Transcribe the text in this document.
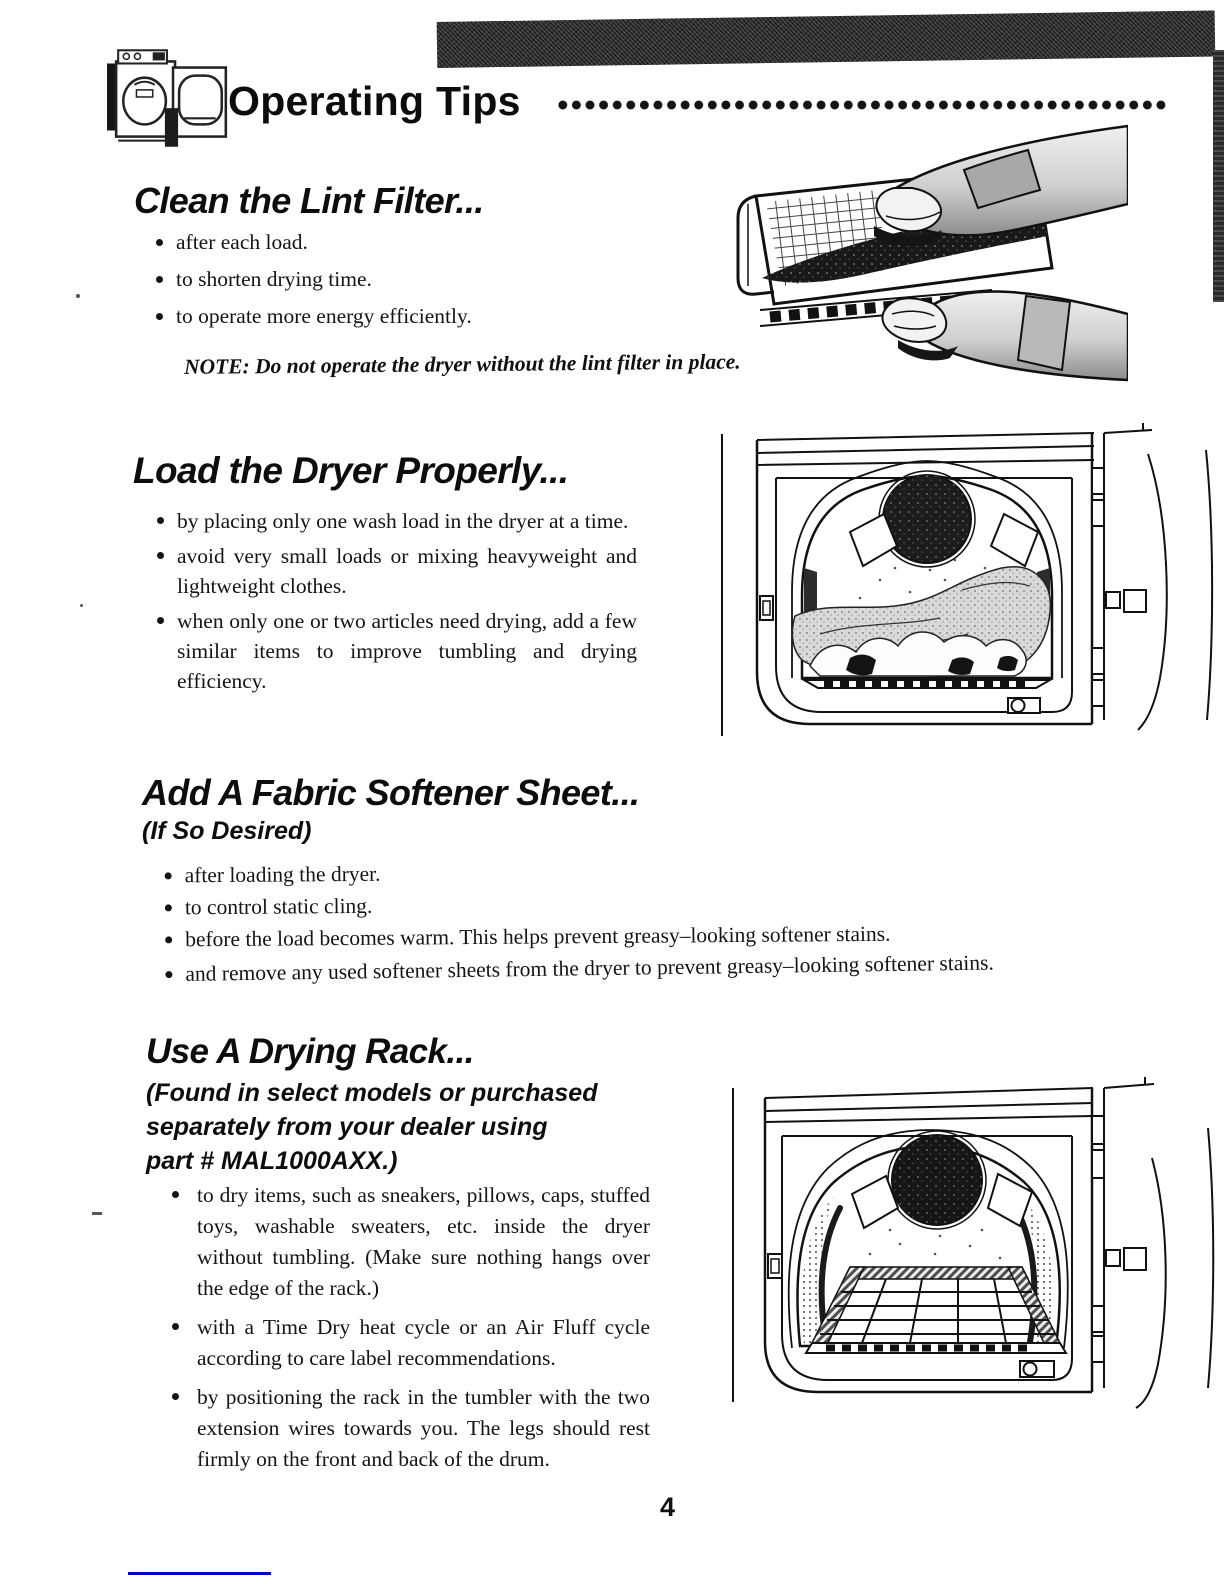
Operating Tips
Clean the Lint Filter...
after each load.
to shorten drying time.
to operate more energy efficiently.
NOTE: Do not operate the dryer without the lint filter in place.
Load the Dryer Properly...
by placing only one wash load in the dryer at a time.
avoid very small loads or mixing heavyweight and lightweight clothes.
when only one or two articles need drying, add a few similar items to improve tumbling and drying efficiency.
Add A Fabric Softener Sheet...
(If So Desired)
after loading the dryer.
to control static cling.
before the load becomes warm. This helps prevent greasy–looking softener stains.
and remove any used softener sheets from the dryer to prevent greasy–looking softener stains.
Use A Drying Rack...
(Found in select models or purchased
separately from your dealer using
part # MAL1000AXX.)
to dry items, such as sneakers, pillows, caps, stuffed toys, washable sweaters, etc. inside the dryer without tumbling. (Make sure nothing hangs over the edge of the rack.)
with a Time Dry heat cycle or an Air Fluff cycle according to care label recommendations.
by positioning the rack in the tumbler with the two extension wires towards you. The legs should rest firmly on the front and back of the drum.
4
